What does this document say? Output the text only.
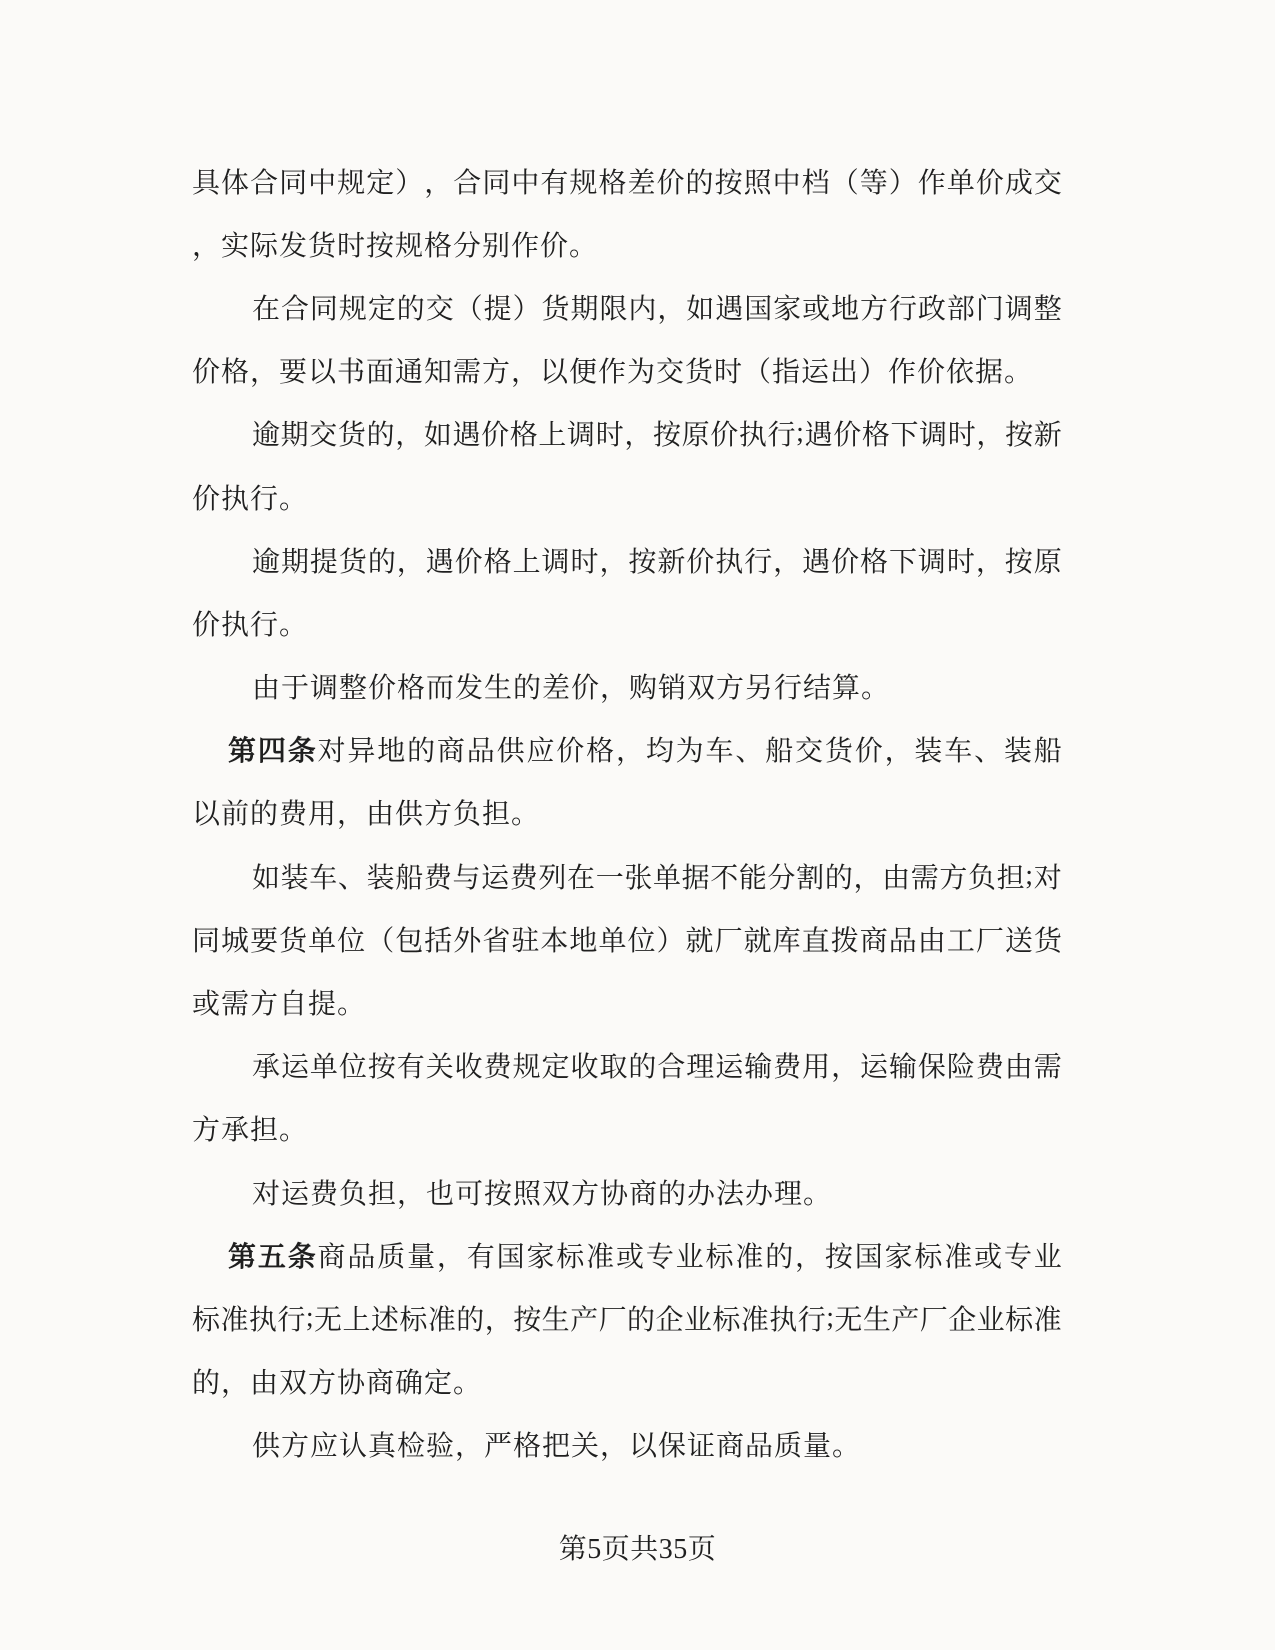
具 体 合 同 中 规 定 ） ， 合 同 中 有 规 格 差 价 的 按 照 中 档 （ 等 ） 作 单 价 成 交
，实际发货时按规格分别作价。
在 合 同 规 定 的 交 （ 提 ） 货 期 限 内 ， 如 遇 国 家 或 地 方 行 政 部 门 调 整
价格，要以书面通知需方，以便作为交货时（指运出）作价依据。
逾 期 交 货 的 ， 如 遇 价 格 上 调 时 ， 按 原 价 执 行 ; 遇 价 格 下 调 时 ， 按 新
价执行。
逾 期 提 货 的 ， 遇 价 格 上 调 时 ， 按 新 价 执 行 ， 遇 价 格 下 调 时 ， 按 原
价执行。
由于调整价格而发生的差价，购销双方另行结算。
第 四 条 对 异 地 的 商 品 供 应 价 格 ， 均 为 车 、 船 交 货 价 ， 装 车 、 装 船
以前的费用，由供方负担。
如 装 车 、 装 船 费 与 运 费 列 在 一 张 单 据 不 能 分 割 的 ， 由 需 方 负 担 ; 对
同 城 要 货 单 位 （ 包 括 外 省 驻 本 地 单 位 ） 就 厂 就 库 直 拨 商 品 由 工 厂 送 货
或需方自提。
承 运 单 位 按 有 关 收 费 规 定 收 取 的 合 理 运 输 费 用 ， 运 输 保 险 费 由 需
方承担。
对运费负担，也可按照双方协商的办法办理。
第 五 条 商 品 质 量 ， 有 国 家 标 准 或 专 业 标 准 的 ， 按 国 家 标 准 或 专 业
标 准 执 行 ; 无 上 述 标 准 的 ， 按 生 产 厂 的 企 业 标 准 执 行 ; 无 生 产 厂 企 业 标 准
的，由双方协商确定。
供方应认真检验，严格把关，以保证商品质量。
第5页共35页
